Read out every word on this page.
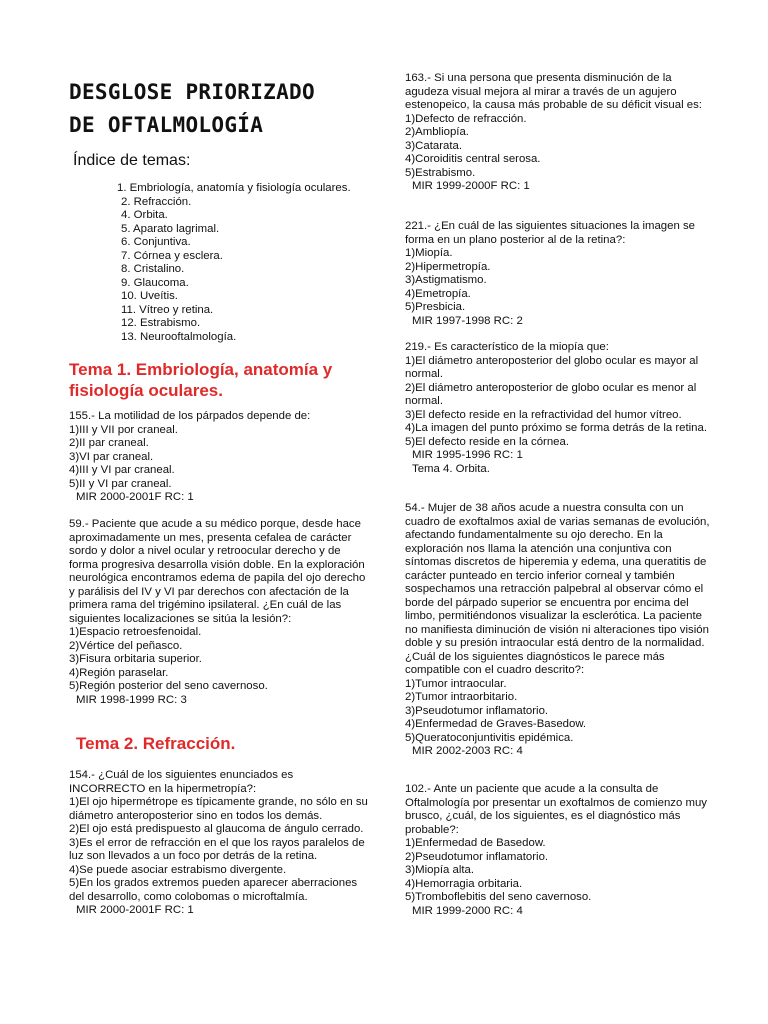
DESGLOSE PRIORIZADO
DE OFTALMOLOGÍA
Índice de temas:
1. Embriología, anatomía y fisiología oculares.
2. Refracción.
4. Orbita.
5. Aparato lagrimal.
6. Conjuntiva.
7. Córnea y esclera.
8. Cristalino.
9. Glaucoma.
10. Uveítis.
11. Vítreo y retina.
12. Estrabismo.
13. Neurooftalmología.
Tema 1. Embriología, anatomía y fisiología oculares.

155.- La motilidad de los párpados depende de:

1)III y VII por craneal.

2)II par craneal.

3)VI par craneal.

4)III y VI par craneal.

5)II y VI par craneal.

MIR 2000-2001F RC: 1

59.- Paciente que acude a su médico porque, desde hace aproximadamente un mes, presenta cefalea de carácter sordo y dolor a nivel ocular y retroocular derecho y de forma progresiva desarrolla visión doble. En la exploración neurológica encontramos edema de papila del ojo derecho y parálisis del IV y VI par derechos con afectación de la primera rama del trigémino ipsilateral. ¿En cuál de las siguientes localizaciones se sitúa la lesión?:

1)Espacio retroesfenoidal.

2)Vértice del peñasco.

3)Fisura orbitaria superior.

4)Región paraselar.

5)Región posterior del seno cavernoso.

MIR 1998-1999 RC: 3

Tema 2. Refracción.

154.- ¿Cuál de los siguientes enunciados es INCORRECTO en la hipermetropía?:

1)El ojo hipermétrope es típicamente grande, no sólo en su diámetro anteroposterior sino en todos los demás.

2)El ojo está predispuesto al glaucoma de ángulo cerrado.

3)Es el error de refracción en el que los rayos paralelos de luz son llevados a un foco por detrás de la retina.

4)Se puede asociar estrabismo divergente.

5)En los grados extremos pueden aparecer aberraciones del desarrollo, como colobomas o microftalmía.

MIR 2000-2001F RC: 1

163.- Si una persona que presenta disminución de la agudeza visual mejora al mirar a través de un agujero estenopeico, la causa más probable de su déficit visual es:

1)Defecto de refracción.

2)Ambliopía.

3)Catarata.

4)Coroiditis central serosa.

5)Estrabismo.

MIR 1999-2000F RC: 1

221.- ¿En cuál de las siguientes situaciones la imagen se forma en un plano posterior al de la retina?:

1)Miopía.

2)Hipermetropía.

3)Astigmatismo.

4)Emetropía.

5)Presbicia.

MIR 1997-1998 RC: 2

219.- Es característico de la miopía que:

1)El diámetro anteroposterior del globo ocular es mayor al normal.

2)El diámetro anteroposterior de globo ocular es menor al normal.

3)El defecto reside en la refractividad del humor vítreo.

4)La imagen del punto próximo se forma detrás de la retina.

5)El defecto reside en la córnea.

MIR 1995-1996 RC: 1

Tema 4. Orbita.

54.- Mujer de 38 años acude a nuestra consulta con un cuadro de exoftalmos axial de varias semanas de evolución, afectando fundamentalmente su ojo derecho. En la exploración nos llama la atención una conjuntiva con síntomas discretos de hiperemia y edema, una queratitis de carácter punteado en tercio inferior corneal y también sospechamos una retracción palpebral al observar cómo el borde del párpado superior se encuentra por encima del limbo, permitiéndonos visualizar la esclerótica. La paciente no manifiesta diminución de visión ni alteraciones tipo visión doble y su presión intraocular está dentro de la normalidad. ¿Cuál de los siguientes diagnósticos le parece más compatible con el cuadro descrito?:

1)Tumor intraocular.

2)Tumor intraorbitario.

3)Pseudotumor inflamatorio.

4)Enfermedad de Graves-Basedow.

5)Queratoconjuntivitis epidémica.

MIR 2002-2003 RC: 4

102.- Ante un paciente que acude a la consulta de Oftalmología por presentar un exoftalmos de comienzo muy brusco, ¿cuál, de los siguientes, es el diagnóstico más probable?:

1)Enfermedad de Basedow.

2)Pseudotumor inflamatorio.

3)Miopía alta.

4)Hemorragia orbitaria.

5)Tromboflebitis del seno cavernoso.

MIR 1999-2000 RC: 4
